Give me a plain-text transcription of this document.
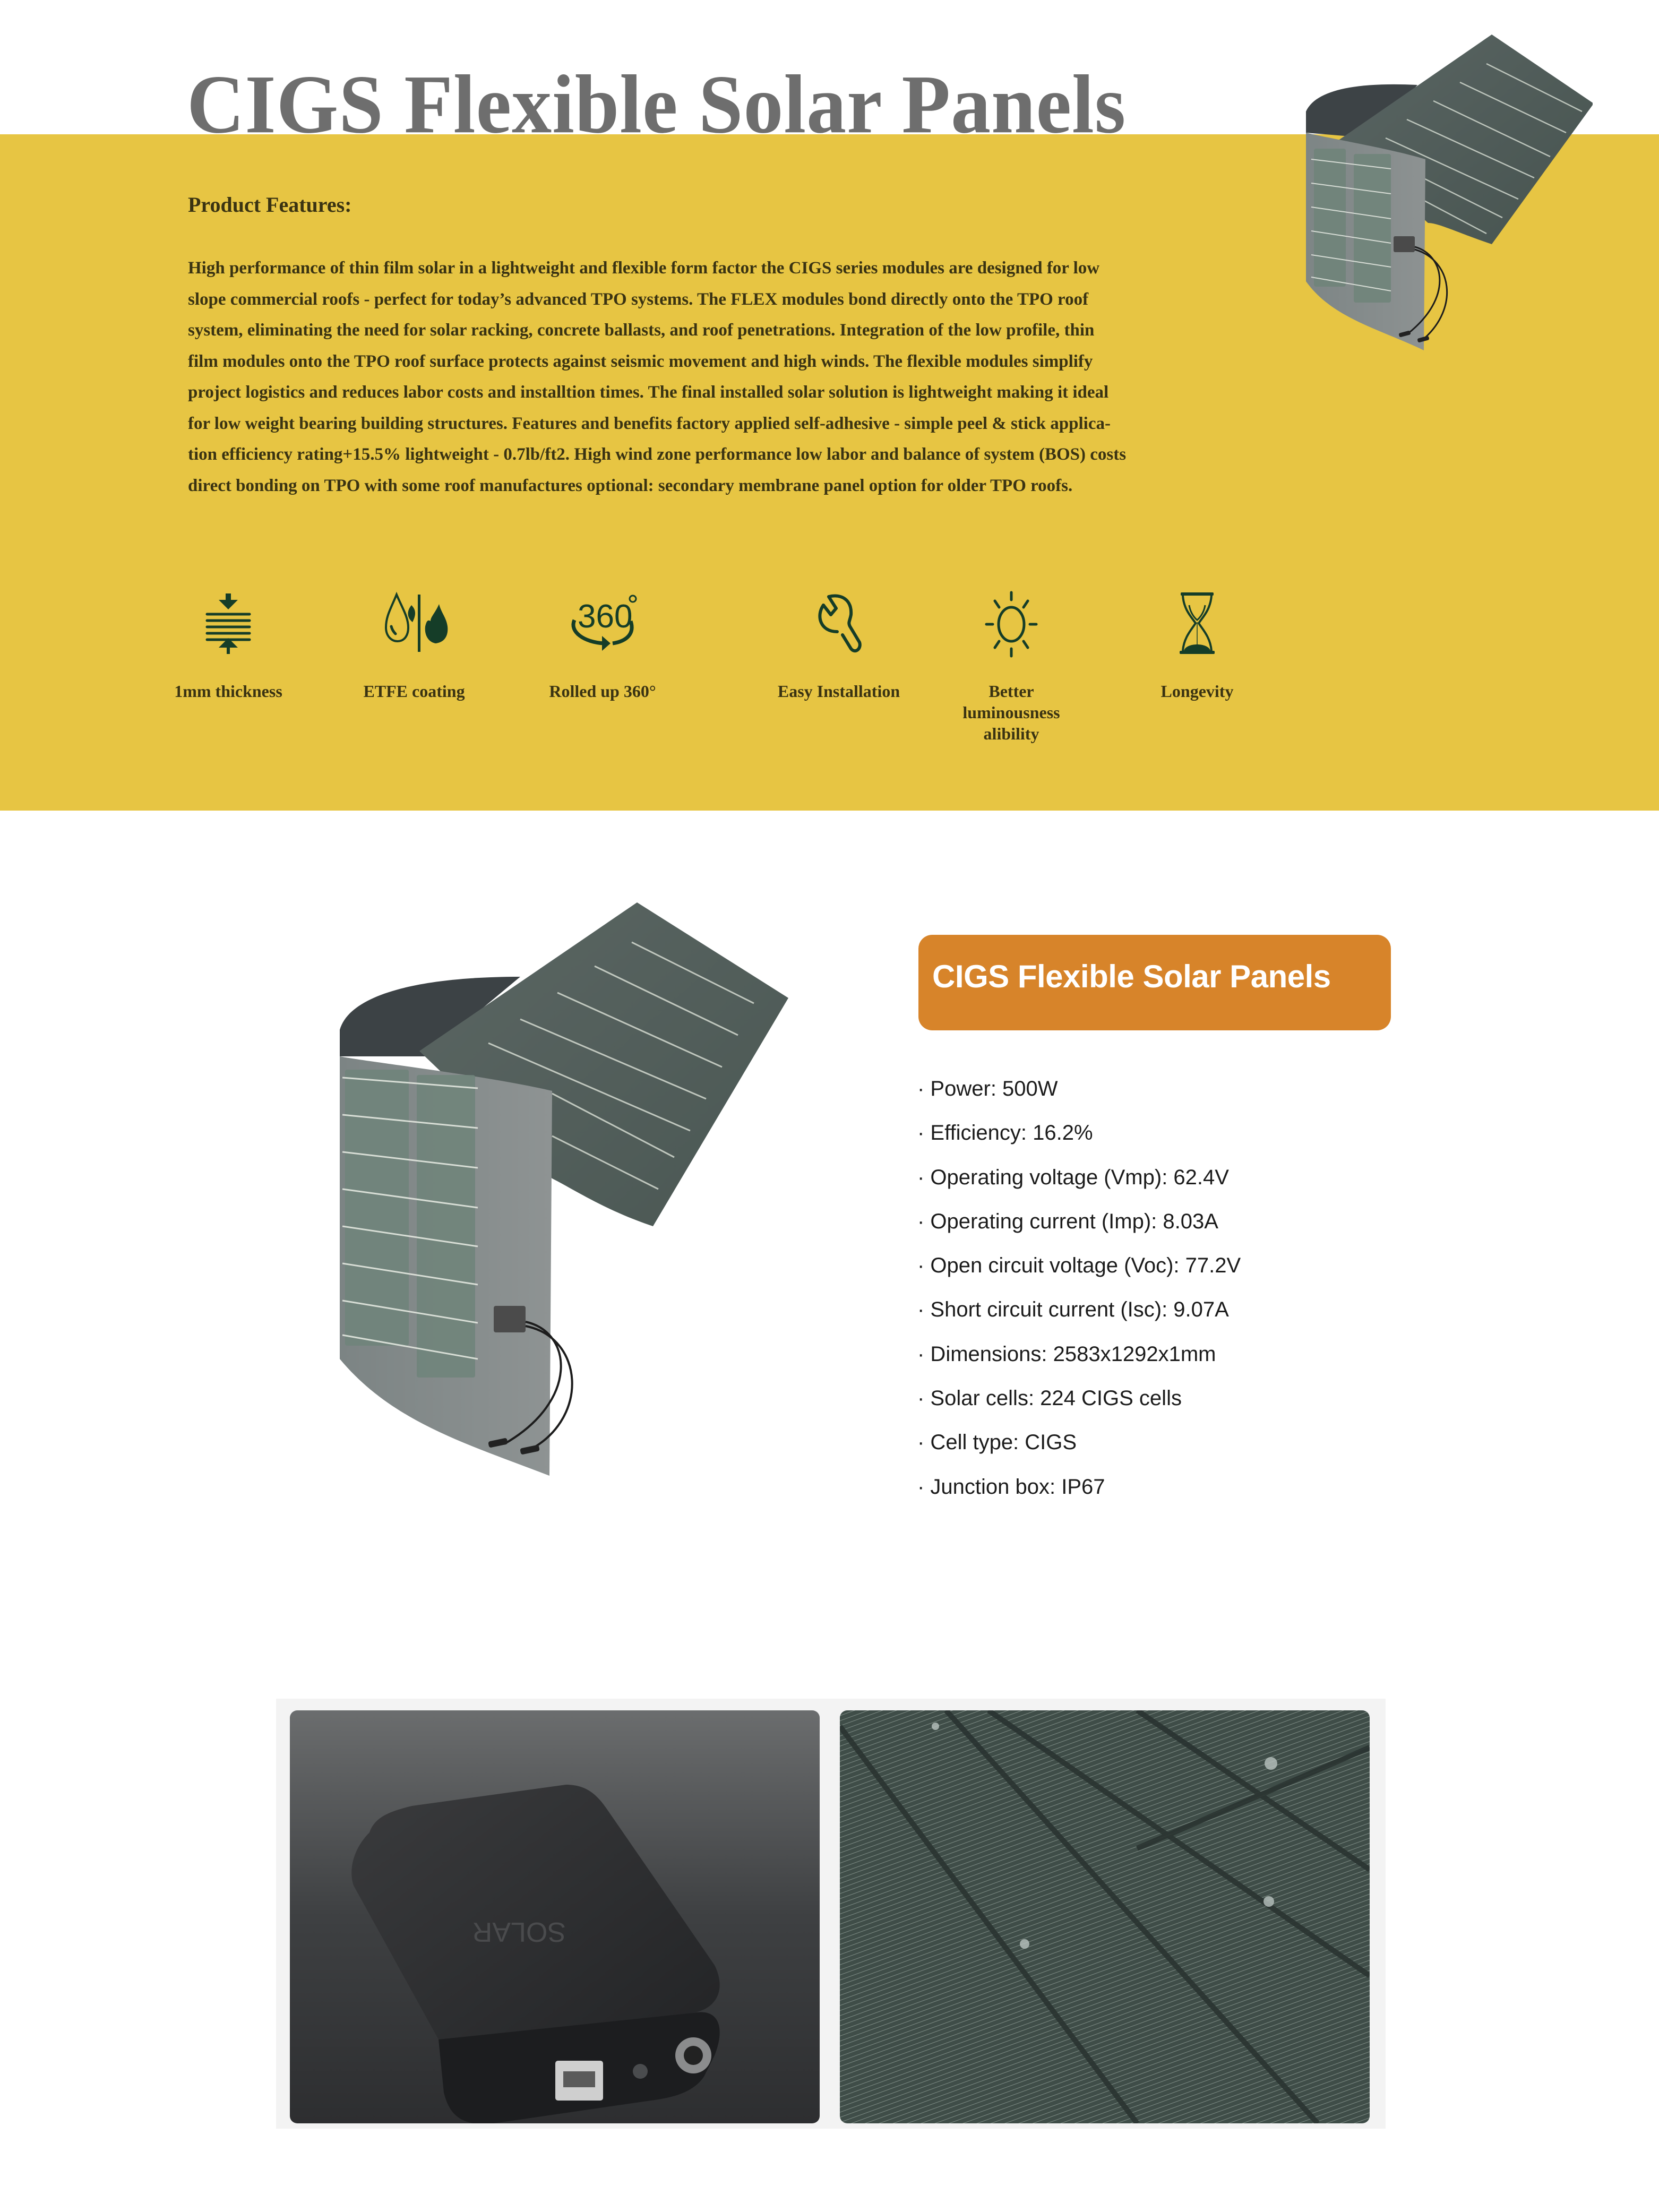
CIGS Flexible Solar Panels
Product Features:
High performance of thin film solar in a lightweight and flexible form factor the CIGS series modules are designed for low
slope commercial roofs - perfect for today’s advanced TPO systems. The FLEX modules bond directly onto the TPO roof
system, eliminating the need for solar racking, concrete ballasts, and roof penetrations. Integration of the low profile, thin
film modules onto the TPO roof surface protects against seismic movement and high winds. The flexible modules simplify
project logistics and reduces labor costs and installtion times. The final installed solar solution is lightweight making it ideal
for low weight bearing building structures. Features and benefits factory applied self-adhesive - simple peel & stick applica-
tion efficiency rating+15.5% lightweight - 0.7lb/ft2. High wind zone performance low labor and balance of system (BOS) costs
direct bonding on TPO with some roof manufactures optional: secondary membrane panel option for older TPO roofs.
1mm thickness	ETFE coating
360
Rolled up 360°	Easy Installation	Better luminousness alibility
Longevity
CIGS Flexible Solar Panels
· Power: 500W
· Efficiency: 16.2%
· Operating voltage (Vmp): 62.4V
· Operating current (Imp): 8.03A
· Open circuit voltage (Voc): 77.2V
· Short circuit current (Isc): 9.07A
· Dimensions: 2583x1292x1mm
· Solar cells: 224 CIGS cells
· Cell type: CIGS
· Junction box: IP67
SOLAR
